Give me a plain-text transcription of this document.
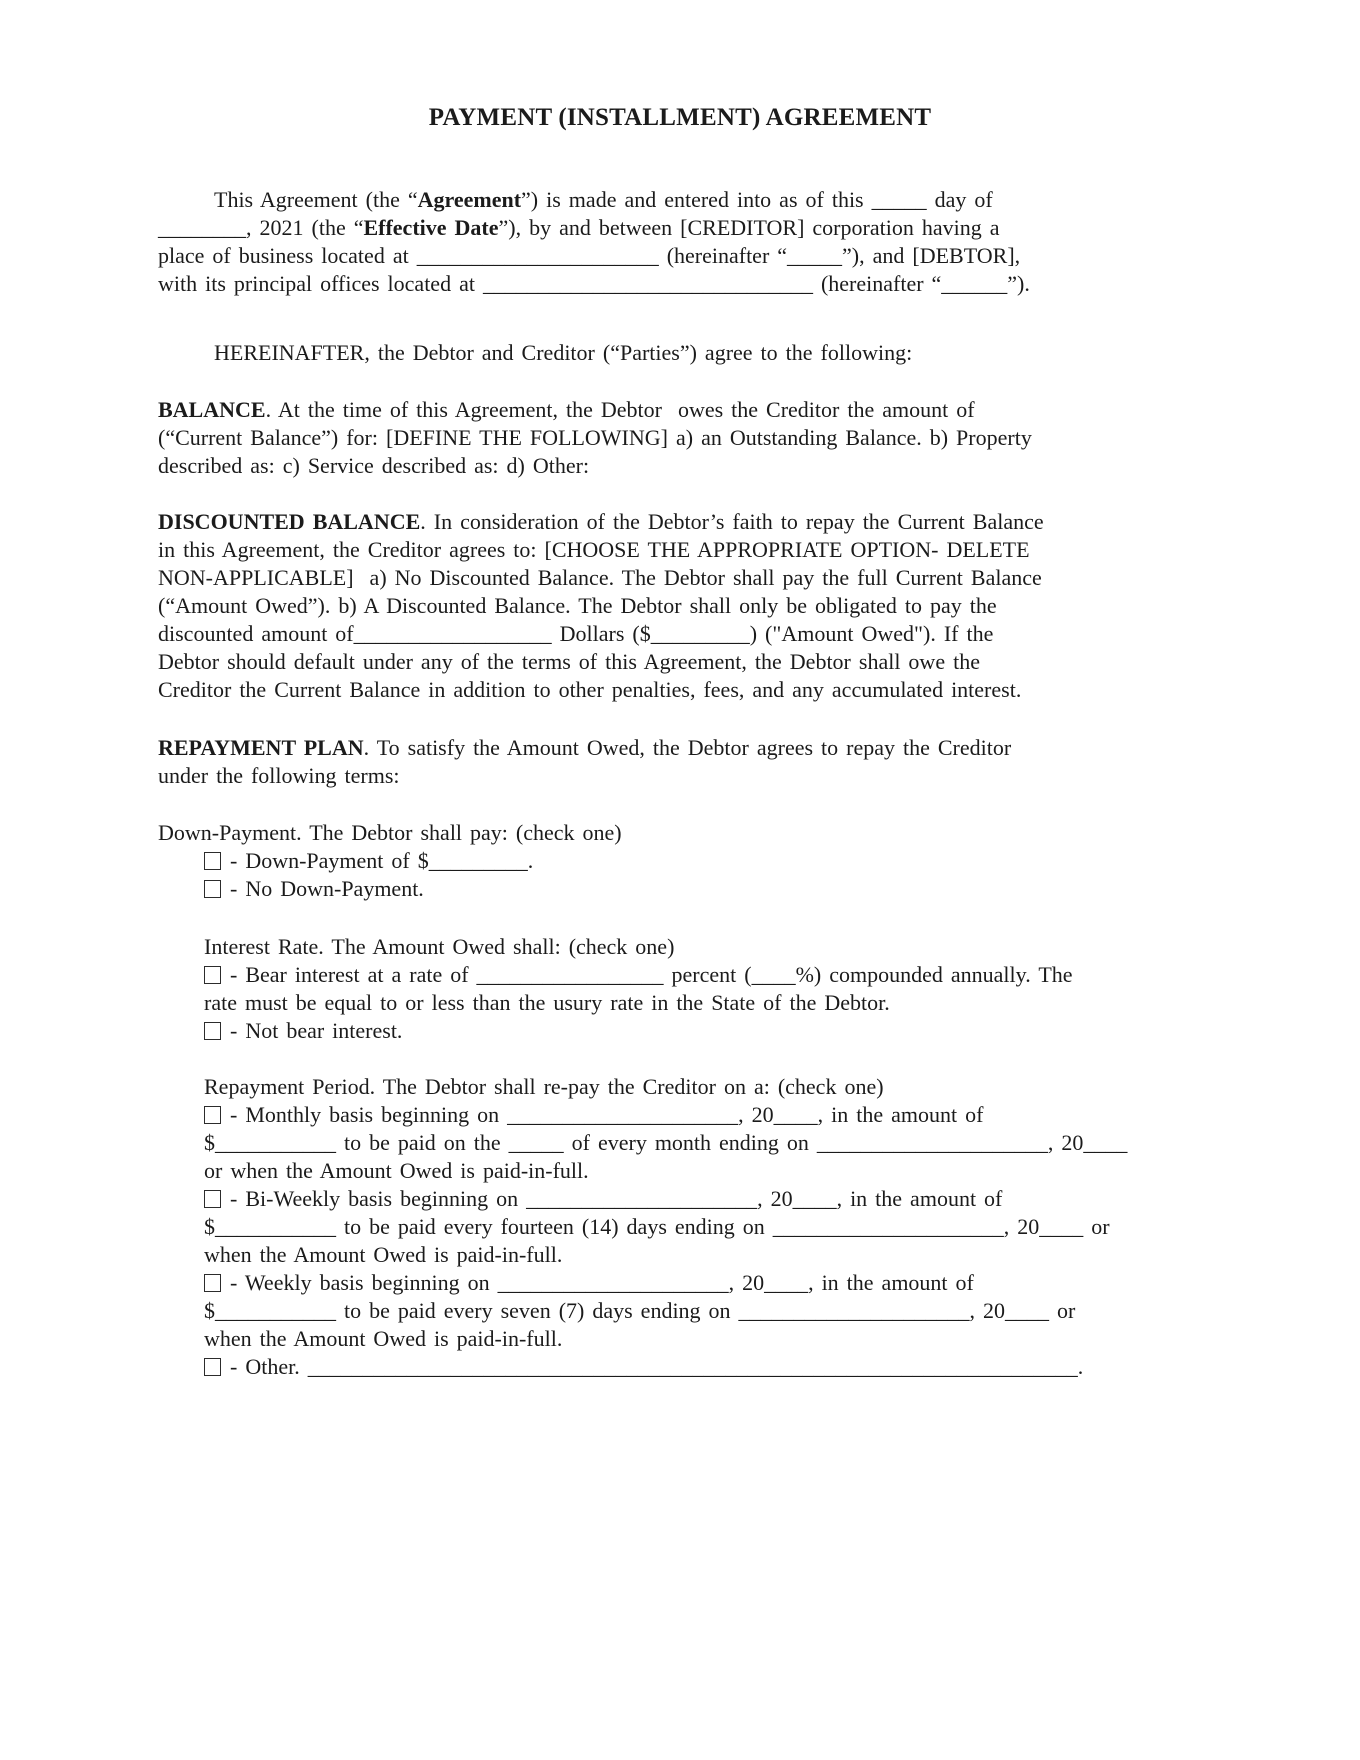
PAYMENT (INSTALLMENT) AGREEMENT
This Agreement (the “Agreement”) is made and entered into as of this _____ day of
________, 2021 (the “Effective Date”), by and between [CREDITOR] corporation having a
place of business located at ______________________ (hereinafter “_____”), and [DEBTOR],
with its principal offices located at ______________________________ (hereinafter “______”).
HEREINAFTER, the Debtor and Creditor (“Parties”) agree to the following:
BALANCE. At the time of this Agreement, the Debtor  owes the Creditor the amount of
(“Current Balance”) for: [DEFINE THE FOLLOWING] a) an Outstanding Balance. b) Property
described as: c) Service described as: d) Other:
DISCOUNTED BALANCE. In consideration of the Debtor’s faith to repay the Current Balance
in this Agreement, the Creditor agrees to: [CHOOSE THE APPROPRIATE OPTION- DELETE
NON-APPLICABLE]  a) No Discounted Balance. The Debtor shall pay the full Current Balance
(“Amount Owed”). b) A Discounted Balance. The Debtor shall only be obligated to pay the
discounted amount of__________________ Dollars ($_________) ("Amount Owed"). If the
Debtor should default under any of the terms of this Agreement, the Debtor shall owe the
Creditor the Current Balance in addition to other penalties, fees, and any accumulated interest.
REPAYMENT PLAN. To satisfy the Amount Owed, the Debtor agrees to repay the Creditor
under the following terms:
Down-Payment. The Debtor shall pay: (check one)
- Down-Payment of $_________.
- No Down-Payment.
Interest Rate. The Amount Owed shall: (check one)
- Bear interest at a rate of _________________ percent (____%) compounded annually. The
rate must be equal to or less than the usury rate in the State of the Debtor.
- Not bear interest.
Repayment Period. The Debtor shall re-pay the Creditor on a: (check one)
- Monthly basis beginning on _____________________, 20____, in the amount of
$___________ to be paid on the _____ of every month ending on _____________________, 20____
or when the Amount Owed is paid-in-full.
- Bi-Weekly basis beginning on _____________________, 20____, in the amount of
$___________ to be paid every fourteen (14) days ending on _____________________, 20____ or
when the Amount Owed is paid-in-full.
- Weekly basis beginning on _____________________, 20____, in the amount of
$___________ to be paid every seven (7) days ending on _____________________, 20____ or
when the Amount Owed is paid-in-full.
- Other. ______________________________________________________________________.
